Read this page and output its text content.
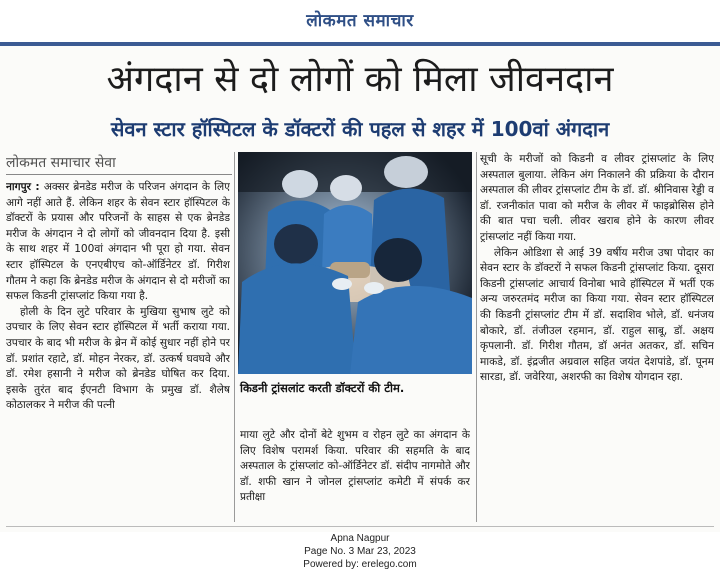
लोकमत समाचार
अंगदान से दो लोगों को मिला जीवनदान
सेवन स्टार हॉस्पिटल के डॉक्टरों की पहल से शहर में 100वां अंगदान
लोकमत समाचार सेवा

नागपुर : अक्सर ब्रेनडेड मरीज के परिजन अंगदान के लिए आगे नहीं आते हैं. लेकिन शहर के सेवन स्टार हॉस्पिटल के डॉक्टरों के प्रयास और परिजनों के साहस से एक ब्रेनडेड मरीज के अंगदान ने दो लोगों को जीवनदान दिया है. इसी के साथ शहर में 100वां अंगदान भी पूरा हो गया. सेवन स्टार हॉस्पिटल के एनएबीएच को-ऑर्डिनेटर डॉ. गिरीश गौतम ने कहा कि ब्रेनडेड मरीज के अंगदान से दो मरीजों का सफल किडनी ट्रांसप्लांट किया गया है.

होली के दिन लुटे परिवार के मुखिया सुभाष लुटे को उपचार के लिए सेवन स्टार हॉस्पिटल में भर्ती कराया गया. उपचार के बाद भी मरीज के ब्रेन में कोई सुधार नहीं होने पर डॉ. प्रशांत रहाटे, डॉ. मोहन नेरकर, डॉ. उत्कर्ष घवघवे और डॉ. रमेश हसानी ने मरीज को ब्रेनडेड घोषित कर दिया. इसके तुरंत बाद ईएनटी विभाग के प्रमुख डॉ. शैलेष कोठालकर ने मरीज की पत्नी

किडनी ट्रांसलांट करती डॉक्टरों की टीम.

माया लुटे और दोनों बेटे शुभम व रोहन लुटे का अंगदान के लिए विशेष परामर्श किया. परिवार की सहमति के बाद अस्पताल के ट्रांसप्लांट को-ऑर्डिनेटर डॉ. संदीप नागमोते और डॉ. शफी खान ने जोनल ट्रांसप्लांट कमेटी में संपर्क कर प्रतीक्षा

सूची के मरीजों को किडनी व लीवर ट्रांसप्लांट के लिए अस्पताल बुलाया. लेकिन अंग निकालने की प्रक्रिया के दौरान अस्पताल की लीवर ट्रांसप्लांट टीम के डॉ. डॉ. श्रीनिवास रेड्डी व डॉ. रजनीकांत पावा को मरीज के लीवर में फाइब्रोसिस होने की बात पचा चली. लीवर खराब होने के कारण लीवर ट्रांसप्लांट नहीं किया गया.

लेकिन ओडिशा से आई 39 वर्षीय मरीज उषा पोदार का सेवन स्टार के डॉक्टरों ने सफल किडनी ट्रांसप्लांट किया. दूसरा किडनी ट्रांसप्लांट आचार्य विनोबा भावे हॉस्पिटल में भर्ती एक अन्य जरुरतमंद मरीज का किया गया. सेवन स्टार हॉस्पिटल की किडनी ट्रांसप्लांट टीम में डॉ. सदाशिव भोले, डॉ. धनंजय बोकारे, डॉ. तंजीउल रहमान, डॉ. राहुल साबू, डॉ. अक्षय कृपलानी. डॉ. गिरीश गौतम, डॉ अनंत अतकर, डॉ. सचिन माकडे, डॉ. इंद्रजीत अग्रवाल सहित जयंत देशपांडे, डॉ. पूनम सारडा, डॉ. जवेरिया, अशरफी का विशेष योगदान रहा.

Apna Nagpur
Page No. 3 Mar 23, 2023
Powered by: erelego.com
